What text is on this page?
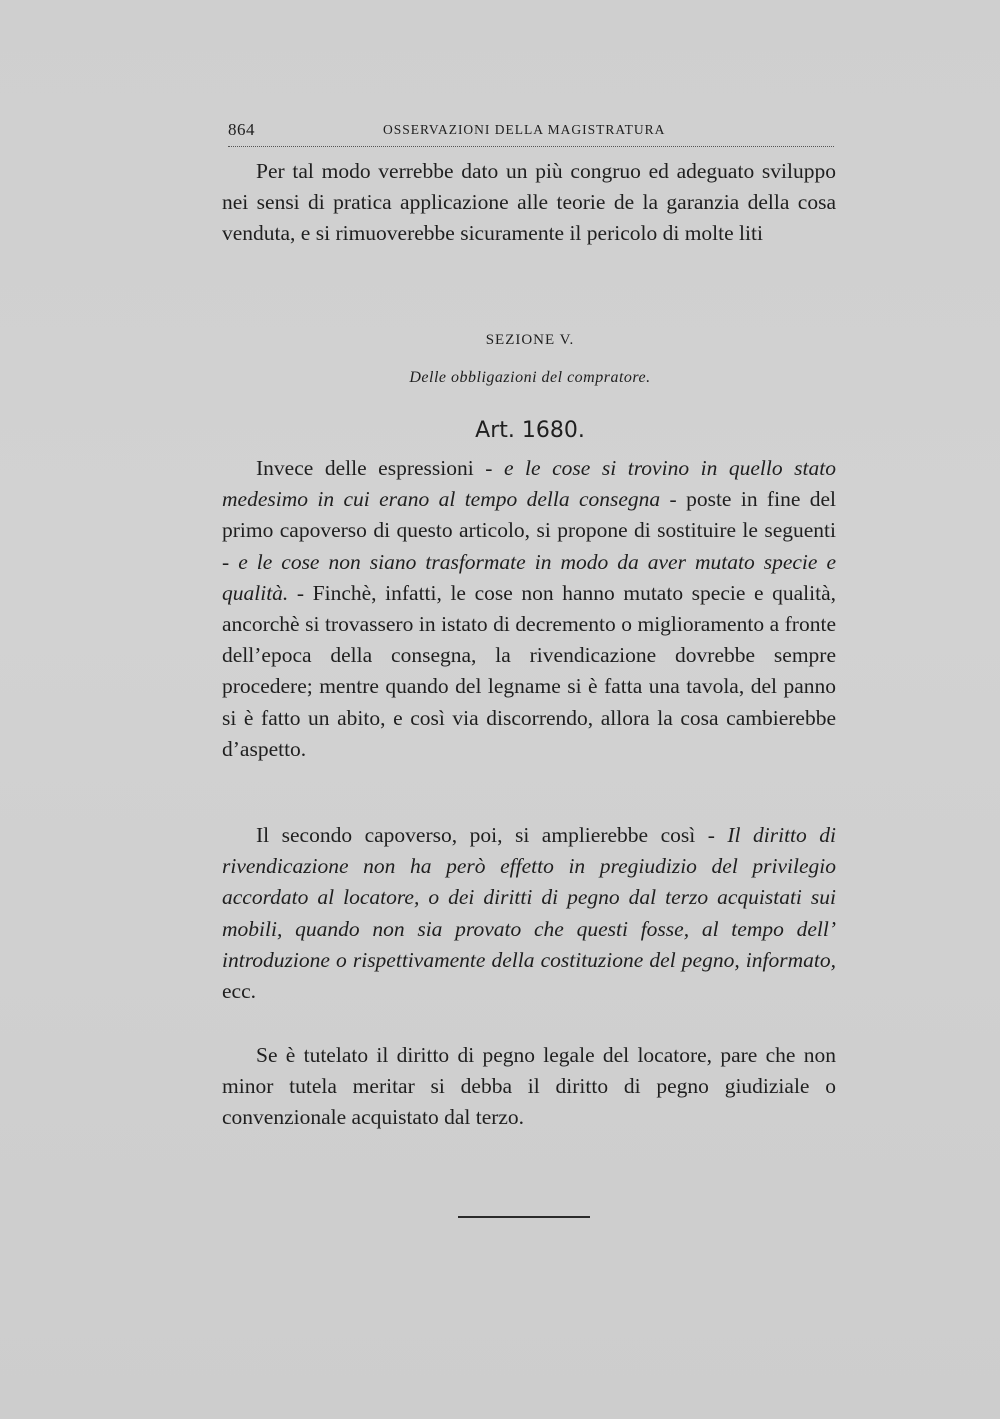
864	OSSERVAZIONI DELLA MAGISTRATURA

Per tal modo verrebbe dato un più congruo ed adeguato sviluppo nei sensi di pratica applicazione alle teorie de la garanzia della cosa venduta, e si rimuoverebbe sicuramente il pericolo di molte liti

SEZIONE V.
Delle obbligazioni del compratore.
Art. 1680.

Invece delle espressioni - e le cose si trovino in quello stato medesimo in cui erano al tempo della consegna - poste in fine del primo capoverso di questo articolo, si propone di sostituire le seguenti - e le cose non siano trasformate in modo da aver mutato specie e qualità. - Finchè, infatti, le cose non hanno mutato specie e qualità, ancorchè si trovassero in istato di decremento o miglioramento a fronte dell’epoca della consegna, la rivendicazione dovrebbe sempre procedere; mentre quando del legname si è fatta una tavola, del panno si è fatto un abito, e così via discorrendo, allora la cosa cambierebbe d’aspetto.

Il secondo capoverso, poi, si amplierebbe così - Il diritto di rivendicazione non ha però effetto in pregiudizio del privilegio accordato al locatore, o dei diritti di pegno dal terzo acquistati sui mobili, quando non sia provato che questi fosse, al tempo dell’ introduzione o rispettivamente della costituzione del pegno, informato, ecc.

Se è tutelato il diritto di pegno legale del locatore, pare che non minor tutela meritar si debba il diritto di pegno giudiziale o convenzionale acquistato dal terzo.
